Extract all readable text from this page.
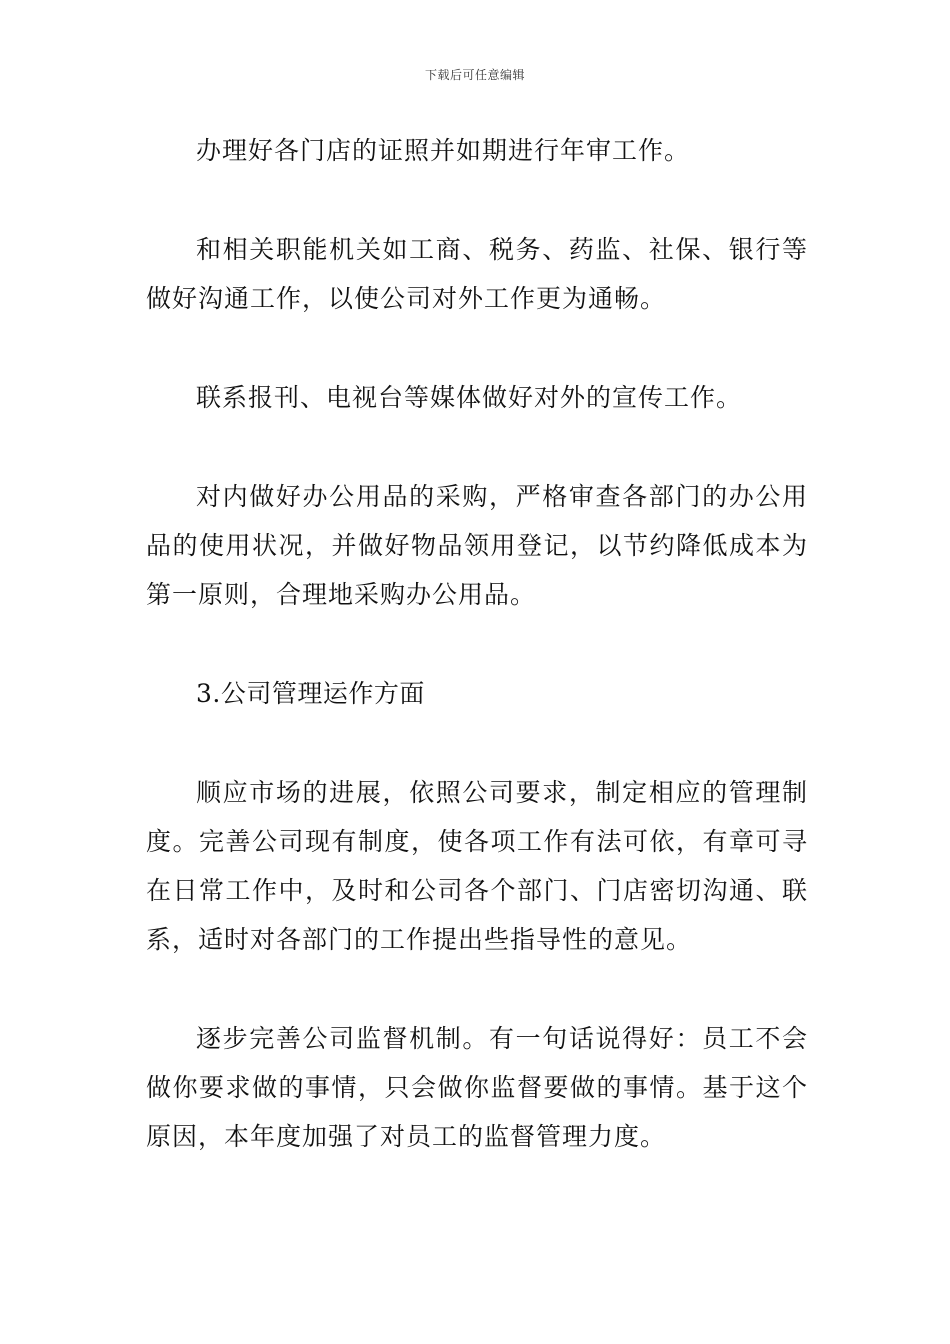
下载后可任意编辑

办理好各门店的证照并如期进行年审工作。

和相关职能机关如工商、税务、药监、社保、银行等做好沟通工作，以使公司对外工作更为通畅。

联系报刊、电视台等媒体做好对外的宣传工作。

对内做好办公用品的采购，严格审查各部门的办公用品的使用状况，并做好物品领用登记，以节约降低成本为第一原则，合理地采购办公用品。

3.公司管理运作方面

顺应市场的进展，依照公司要求，制定相应的管理制度。完善公司现有制度，使各项工作有法可依，有章可寻在日常工作中，及时和公司各个部门、门店密切沟通、联系，适时对各部门的工作提出些指导性的意见。

逐步完善公司监督机制。有一句话说得好：员工不会做你要求做的事情，只会做你监督要做的事情。基于这个原因，本年度加强了对员工的监督管理力度。
